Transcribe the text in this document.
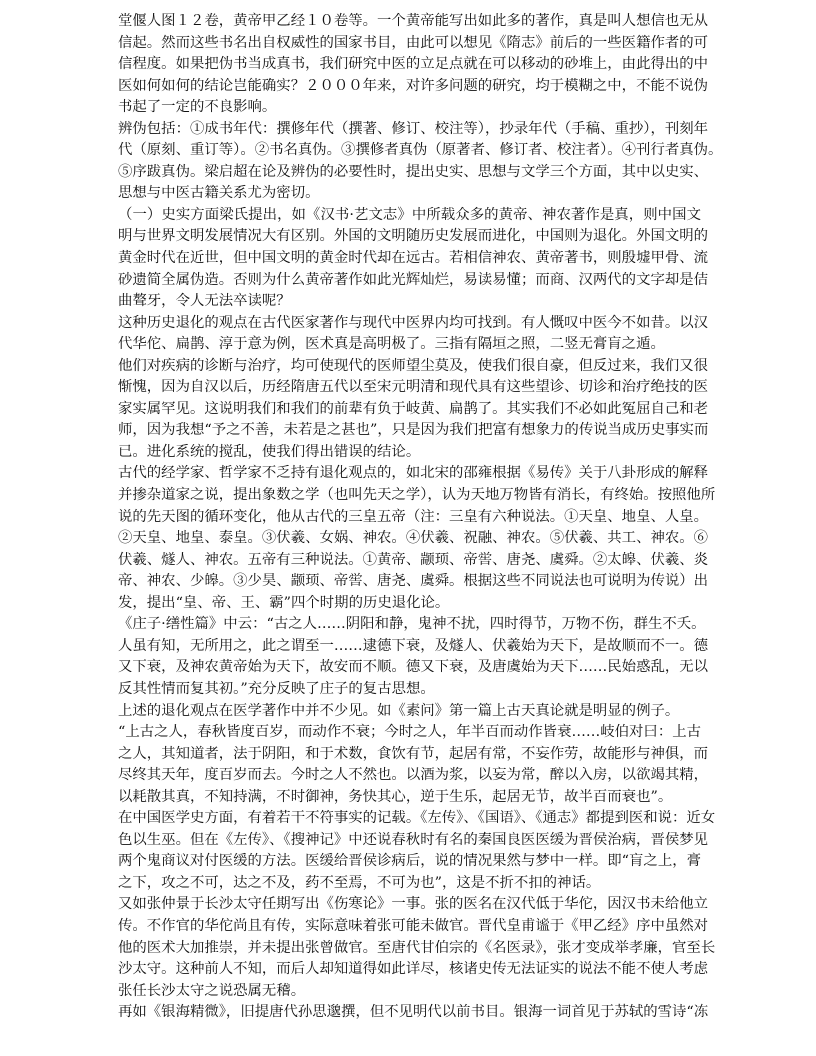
堂偃人图１２卷，黄帝甲乙经１０卷等。一个黄帝能写出如此多的著作，真是叫人想信也无从
信起。然而这些书名出自权威性的国家书目，由此可以想见《隋志》前后的一些医籍作者的可
信程度。如果把伪书当成真书，我们研究中医的立足点就在可以移动的砂堆上，由此得出的中
医如何如何的结论岂能确实？２０００年来，对许多问题的研究，均于模糊之中，不能不说伪
书起了一定的不良影响。
辨伪包括：①成书年代：撰修年代（撰著、修订、校注等），抄录年代（手稿、重抄），刊刻年
代（原刻、重订等）。②书名真伪。③撰修者真伪（原著者、修订者、校注者）。④刊行者真伪。
⑤序跋真伪。梁启超在论及辨伪的必要性时，提出史实、思想与文学三个方面，其中以史实、
思想与中医古籍关系尤为密切。
（一）史实方面梁氏提出，如《汉书·艺文志》中所载众多的黄帝、神农著作是真，则中国文
明与世界文明发展情况大有区别。外国的文明随历史发展而进化，中国则为退化。外国文明的
黄金时代在近世，但中国文明的黄金时代却在远古。若相信神农、黄帝著书，则殷墟甲骨、流
砂遗简全属伪造。否则为什么黄帝著作如此光辉灿烂，易读易懂；而商、汉两代的文字却是佶
曲聱牙，令人无法卒读呢？
这种历史退化的观点在古代医家著作与现代中医界内均可找到。有人慨叹中医今不如昔。以汉
代华佗、扁鹊、淳于意为例，医术真是高明极了。三指有隔垣之照，二竖无膏肓之遁。
他们对疾病的诊断与治疗，均可使现代的医师望尘莫及，使我们很自豪，但反过来，我们又很
惭愧，因为自汉以后，历经隋唐五代以至宋元明清和现代具有这些望诊、切诊和治疗绝技的医
家实属罕见。这说明我们和我们的前辈有负于岐黄、扁鹊了。其实我们不必如此冤屈自己和老
师，因为我想“予之不善，未若是之甚也”，只是因为我们把富有想象力的传说当成历史事实而
已。进化系统的搅乱，使我们得出错误的结论。
古代的经学家、哲学家不乏持有退化观点的，如北宋的邵雍根据《易传》关于八卦形成的解释
并掺杂道家之说，提出象数之学（也叫先天之学），认为天地万物皆有消长，有终始。按照他所
说的先天图的循环变化，他从古代的三皇五帝（注：三皇有六种说法。①天皇、地皇、人皇。
②天皇、地皇、泰皇。③伏羲、女娲、神农。④伏羲、祝融、神农。⑤伏羲、共工、神农。⑥
伏羲、燧人、神农。五帝有三种说法。①黄帝、颛顼、帝喾、唐尧、虞舜。②太皞、伏羲、炎
帝、神农、少皞。③少昊、颛顼、帝喾、唐尧、虞舜。根据这些不同说法也可说明为传说）出
发，提出“皇、帝、王、霸”四个时期的历史退化论。
《庄子·缮性篇》中云：“古之人……阴阳和静，鬼神不扰，四时得节，万物不伤，群生不夭。
人虽有知，无所用之，此之谓至一……逮德下衰，及燧人、伏羲始为天下，是故顺而不一。德
又下衰，及神农黄帝始为天下，故安而不顺。德又下衰，及唐虞始为天下……民始惑乱，无以
反其性情而复其初。”充分反映了庄子的复古思想。
上述的退化观点在医学著作中并不少见。如《素问》第一篇上古天真论就是明显的例子。
“上古之人，春秋皆度百岁，而动作不衰；今时之人，年半百而动作皆衰……岐伯对曰：上古
之人，其知道者，法于阴阳，和于术数，食饮有节，起居有常，不妄作劳，故能形与神俱，而
尽终其天年，度百岁而去。今时之人不然也。以酒为浆，以妄为常，醉以入房，以欲竭其精，
以耗散其真，不知持满，不时御神，务快其心，逆于生乐，起居无节，故半百而衰也”。
在中国医学史方面，有着若干不符事实的记载。《左传》、《国语》、《通志》都提到医和说：近女
色以生巫。但在《左传》、《搜神记》中还说春秋时有名的秦国良医医缓为晋侯治病，晋侯梦见
两个鬼商议对付医缓的方法。医缓给晋侯诊病后，说的情况果然与梦中一样。即“肓之上，膏
之下，攻之不可，达之不及，药不至焉，不可为也”，这是不折不扣的神话。
又如张仲景于长沙太守任期写出《伤寒论》一事。张的医名在汉代低于华佗，因汉书未给他立
传。不作官的华佗尚且有传，实际意味着张可能未做官。晋代皇甫谧于《甲乙经》序中虽然对
他的医术大加推崇，并未提出张曾做官。至唐代甘伯宗的《名医录》，张才变成举孝廉，官至长
沙太守。这种前人不知，而后人却知道得如此详尽，核诸史传无法证实的说法不能不使人考虑
张任长沙太守之说恐属无稽。
再如《银海精微》，旧提唐代孙思邈撰，但不见明代以前书目。银海一词首见于苏轼的雪诗“冻
